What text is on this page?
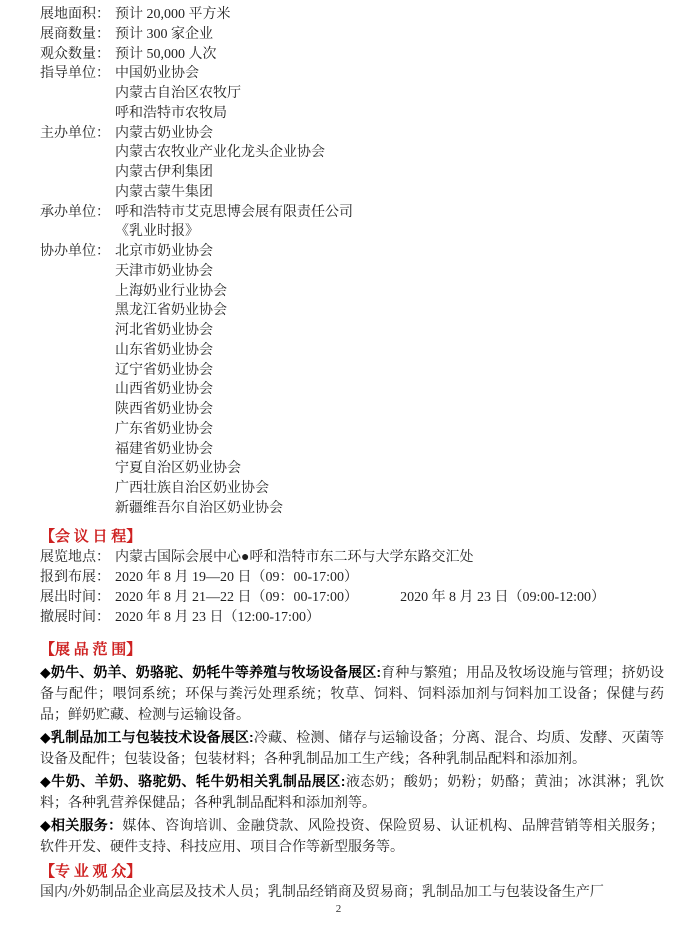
展地面积： 预计 20,000 平方米
展商数量： 预计 300 家企业
观众数量： 预计 50,000 人次
指导单位： 中国奶业协会
内蒙古自治区农牧厅
呼和浩特市农牧局
主办单位： 内蒙古奶业协会
内蒙古农牧业产业化龙头企业协会
内蒙古伊利集团
内蒙古蒙牛集团
承办单位： 呼和浩特市艾克思博会展有限责任公司
《乳业时报》
协办单位： 北京市奶业协会
天津市奶业协会
上海奶业行业协会
黑龙江省奶业协会
河北省奶业协会
山东省奶业协会
辽宁省奶业协会
山西省奶业协会
陕西省奶业协会
广东省奶业协会
福建省奶业协会
宁夏自治区奶业协会
广西壮族自治区奶业协会
新疆维吾尔自治区奶业协会
【会 议 日 程】
展览地点： 内蒙古国际会展中心●呼和浩特市东二环与大学东路交汇处
报到布展： 2020 年 8 月 19—20 日（09：00-17:00）
展出时间： 2020 年 8 月 21—22 日（09：00-17:00）	2020 年 8 月 23 日（09:00-12:00）
撤展时间： 2020 年 8 月 23 日（12:00-17:00）
【展 品 范 围】

◆奶牛、奶羊、奶骆驼、奶牦牛等养殖与牧场设备展区:育种与繁殖；用品及牧场设施与管理；挤奶设备与配件；喂饲系统；环保与粪污处理系统；牧草、饲料、饲料添加剂与饲料加工设备；保健与药品；鲜奶贮藏、检测与运输设备。

◆乳制品加工与包装技术设备展区:冷藏、检测、储存与运输设备；分离、混合、均质、发酵、灭菌等设备及配件；包装设备；包装材料；各种乳制品加工生产线；各种乳制品配料和添加剂。

◆牛奶、羊奶、骆驼奶、牦牛奶相关乳制品展区:液态奶；酸奶；奶粉；奶酪；黄油；冰淇淋；乳饮料；各种乳营养保健品；各种乳制品配料和添加剂等。

◆相关服务：媒体、咨询培训、金融贷款、风险投资、保险贸易、认证机构、品牌营销等相关服务；软件开发、硬件支持、科技应用、项目合作等新型服务等。

【专 业 观 众】

国内/外奶制品企业高层及技术人员；乳制品经销商及贸易商；乳制品加工与包装设备生产厂

2
